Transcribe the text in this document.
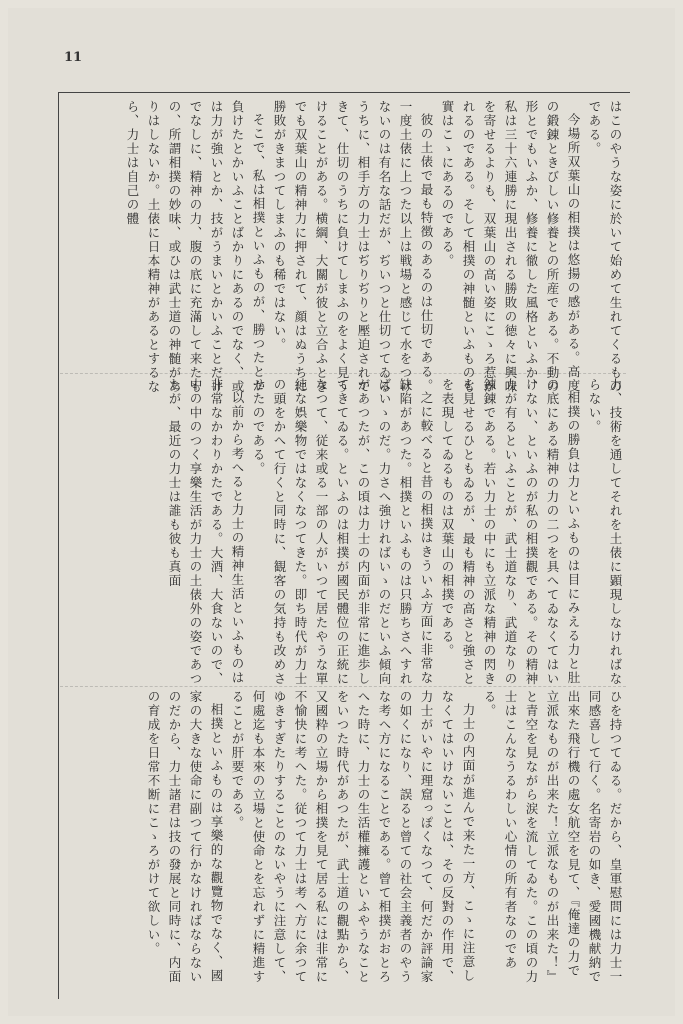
11

はこのやうな姿に於いて始めて生れてくるものである。

今場所双葉山の相撲は悠揚の感がある。高度の鍛錬ときびしい修養との所産である。不動の形とでもいふか、修養に徹した風格といふか、私は三十六連勝に現出される勝敗の徳々に興味を寄せるよりも、双葉山の高い姿にこゝろ惹かれるのである。そして相撲の神髄といふものも實はこゝにあるのである。

彼の土俵で最も特徴のあるのは仕切である。一度土俵に上つた以上は戦場と感じて水をつけないのは有名な話だが、ぢいつと仕切つてゐるうちに、相手方の力士はぢりぢりと壓迫されてきて、仕切のうちに負けてしまふのをよく見うけることがある。横綱、大關が彼と立合ふときでも双葉山の精神力に押されて、顔はぬうちに勝敗がきまつてしまふのも稀ではない。

そこで、私は相撲といふものが、勝つたとか負けたとかいふことばかりにあるのでなく、或は力が強いとか、技がうまいとかいふことだけでなしに、精神の力、腹の底に充滿して来たもの、所謂相撲の妙味、或ひは武士道の神髄がありはしないか。土俵に日本精神があるとするなら、力士は自己の體

力、技術を通してそれを土俵に顕現しなければならない。

相撲の勝負は力といふものは目にみえる力と肚の底にある精神の力の二つを具へてゐなくてはいけない、といふのが私の相撲觀である。その精神力が有るといふことが、武士道なり、武道なりの錬錬である。若い力士の中にも立派な精神の閃きを見せるひともゐるが、最も精神の高さと強さとを表現してゐるものは双葉山の相撲である。

之に較べると昔の相撲はきういふ方面に非常な缺陷があつた。相撲といふものは只勝ちさへすればいゝのだ。力さへ強ければいゝのだといふ傾向があつたが、この頃は力士の内面が非常に進歩してきてゐる。といふのは相撲が國民體位の正統になつて、従来或る一部の人がいつて居たやうな單純な娯樂物ではなくなつてきた。即ち時代が力士の頭をかへて行くと同時に、観客の気持も改めさせたのである。

以前から考へると力士の精神生活といふものは非常なかわりかたである。大酒、大食ないので、中の中のつく享樂生活が力士の土俵外の姿であつたが、最近の力士は誰も彼も真面

ひを持つてゐる。だから、皇軍慰問には力士一同感喜して行く。名寄岩の如き、愛國機献納で出來た飛行機の處女航空を見て、『俺達の力で立派なものが出来た！立派なものが出来た！』と青空を見ながら涙を流してゐた。この頃の力士はこんなうるわしい心情の所有者なのである。

力士の内面が進んで来た一方、こゝに注意しなくてはいけないことは、その反對の作用で、力士がいやに理窟っぽくなつて、何だか評論家の如くになり、誤ると曾ての社会主義者のやうな考へ方になることである。曾て相撲がおとろへた時に、力士の生活權擁護といふやうなことをいつた時代があつたが、武士道の觀點から、又國粋の立場から相撲を見て居る私には非常に不愉快に考へた。従つて力士は考へ方に余つてゆきすぎたりすることのないやうに注意して、何處迄も本來の立場と使命とを忘れずに精進することが肝要である。

相撲といふものは享樂的な觀覽物でなく、國家の大きな使命に副つて行かなければならないのだから、力士諸君は技の發展と同時に、内面の育成を日常不断にこゝろがけて欲しい。
